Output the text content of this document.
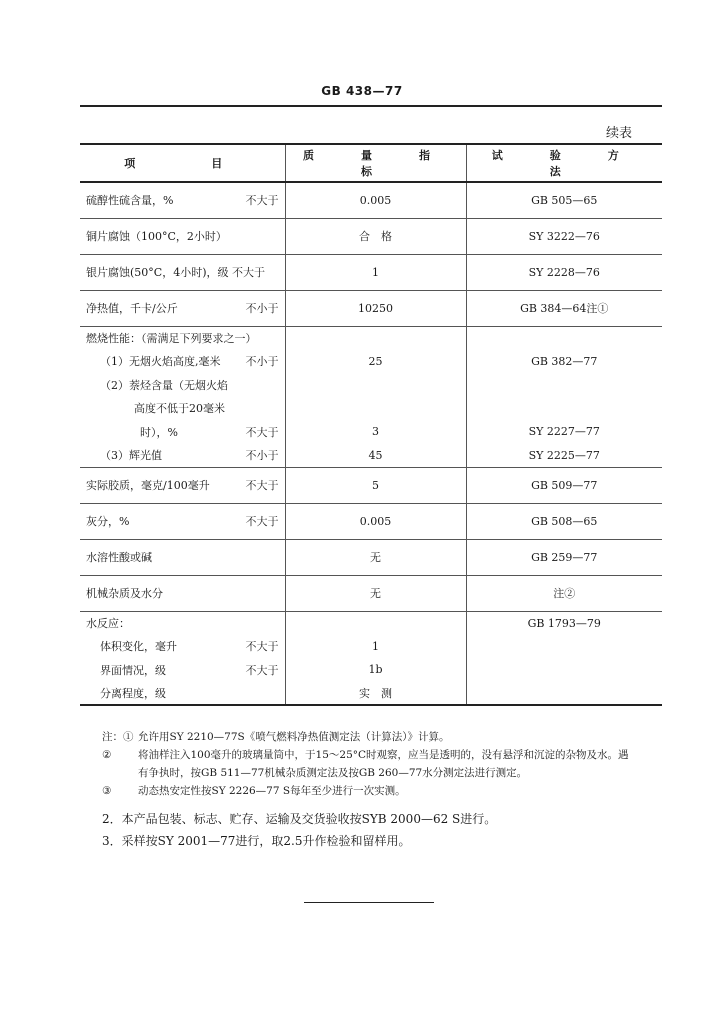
GB 438—77
续表
项　　目	质　量　指　标	试　验　方　法
硫醇性硫含量，% 不大于	0.005	GB 505—65
铜片腐蚀（100°C，2小时）	合　格	SY 3222—76
银片腐蚀(50°C，4小时)，级 不大于	1	SY 2228—76
净热值，千卡/公斤 不小于	10250	GB 384—64注①
燃烧性能：（需满足下列要求之一）		
（1）无烟火焰高度,毫米 不小于	25	GB 382—77
（2）萘烃含量（无烟火焰		
高度不低于20毫米		
时），% 不大于	3	SY 2227—77
（3）辉光值 不小于	45	SY 2225—77
实际胶质，毫克/100毫升 不大于	5	GB 509—77
灰分，% 不大于	0.005	GB 508—65
水溶性酸或碱	无	GB 259—77
机械杂质及水分	无	注②
水反应：		GB 1793—79
体积变化，毫升 不大于	1	
界面情况，级 不大于	1b	
分离程度，级	实　测	
注：① 允许用SY 2210—77S《喷气燃料净热值测定法（计算法）》计算。
②	将油样注入100毫升的玻璃量筒中，于15～25°C时观察，应当是透明的，没有悬浮和沉淀的杂物及水。遇
有争执时，按GB 511—77机械杂质测定法及按GB 260—77水分测定法进行测定。
③	动态热安定性按SY 2226—77 S每年至少进行一次实测。
2．本产品包装、标志、贮存、运输及交货验收按SYB 2000—62 S进行。
3．采样按SY 2001—77进行，取2.5升作检验和留样用。
